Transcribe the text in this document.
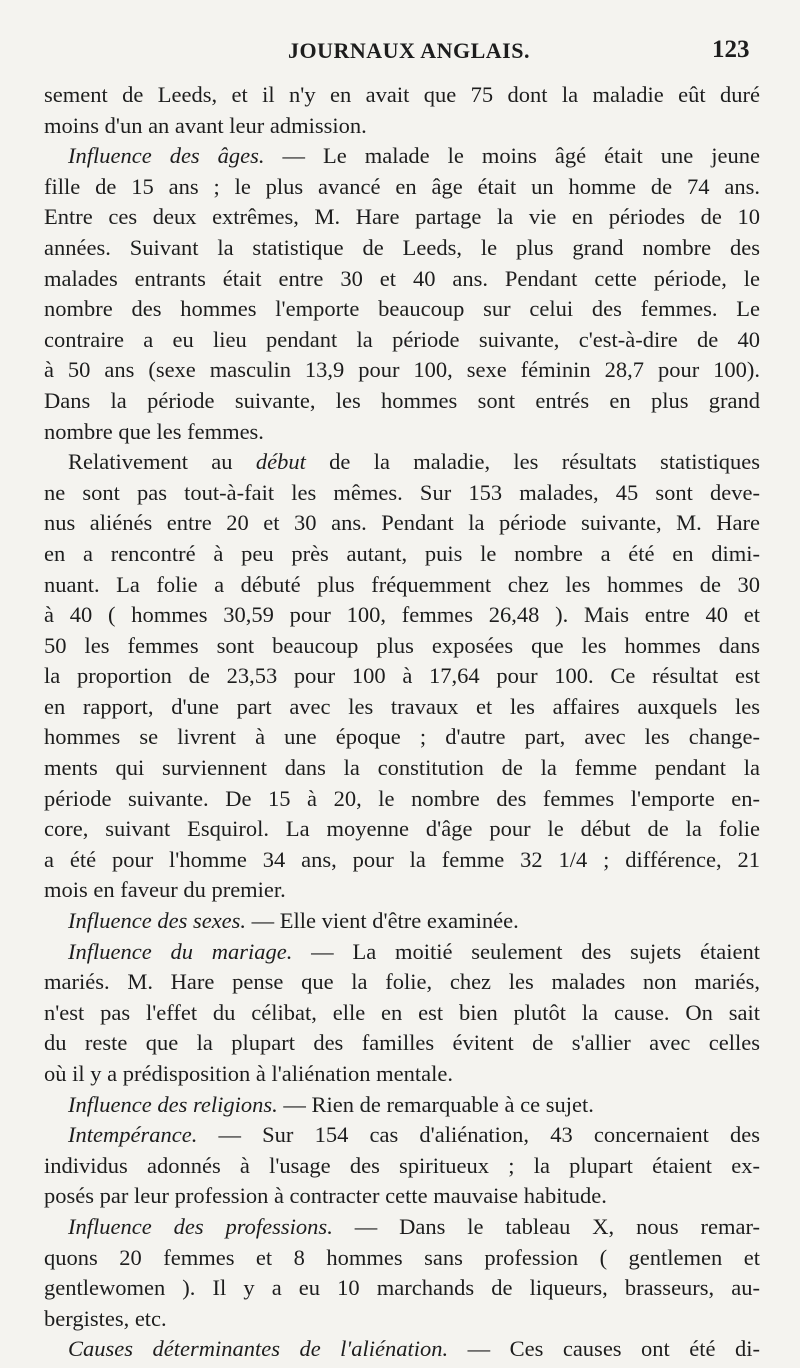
JOURNAUX ANGLAIS.	123
sement de Leeds, et il n'y en avait que 75 dont la maladie eût duré
moins d'un an avant leur admission.
Influence des âges. — Le malade le moins âgé était une jeune
fille de 15 ans ; le plus avancé en âge était un homme de 74 ans.
Entre ces deux extrêmes, M. Hare partage la vie en périodes de 10
années. Suivant la statistique de Leeds, le plus grand nombre des
malades entrants était entre 30 et 40 ans. Pendant cette période, le
nombre des hommes l'emporte beaucoup sur celui des femmes. Le
contraire a eu lieu pendant la période suivante, c'est-à-dire de 40
à 50 ans (sexe masculin 13,9 pour 100, sexe féminin 28,7 pour 100).
Dans la période suivante, les hommes sont entrés en plus grand
nombre que les femmes.
Relativement au début de la maladie, les résultats statistiques
ne sont pas tout-à-fait les mêmes. Sur 153 malades, 45 sont deve-
nus aliénés entre 20 et 30 ans. Pendant la période suivante, M. Hare
en a rencontré à peu près autant, puis le nombre a été en dimi-
nuant. La folie a débuté plus fréquemment chez les hommes de 30
à 40 ( hommes 30,59 pour 100, femmes 26,48 ). Mais entre 40 et
50 les femmes sont beaucoup plus exposées que les hommes dans
la proportion de 23,53 pour 100 à 17,64 pour 100. Ce résultat est
en rapport, d'une part avec les travaux et les affaires auxquels les
hommes se livrent à une époque ; d'autre part, avec les change-
ments qui surviennent dans la constitution de la femme pendant la
période suivante. De 15 à 20, le nombre des femmes l'emporte en-
core, suivant Esquirol. La moyenne d'âge pour le début de la folie
a été pour l'homme 34 ans, pour la femme 32 1/4 ; différence, 21
mois en faveur du premier.
Influence des sexes. — Elle vient d'être examinée.
Influence du mariage. — La moitié seulement des sujets étaient
mariés. M. Hare pense que la folie, chez les malades non mariés,
n'est pas l'effet du célibat, elle en est bien plutôt la cause. On sait
du reste que la plupart des familles évitent de s'allier avec celles
où il y a prédisposition à l'aliénation mentale.
Influence des religions. — Rien de remarquable à ce sujet.
Intempérance. — Sur 154 cas d'aliénation, 43 concernaient des
individus adonnés à l'usage des spiritueux ; la plupart étaient ex-
posés par leur profession à contracter cette mauvaise habitude.
Influence des professions. — Dans le tableau X, nous remar-
quons 20 femmes et 8 hommes sans profession ( gentlemen et
gentlewomen ). Il y a eu 10 marchands de liqueurs, brasseurs, au-
bergistes, etc.
Causes déterminantes de l'aliénation. — Ces causes ont été di-
